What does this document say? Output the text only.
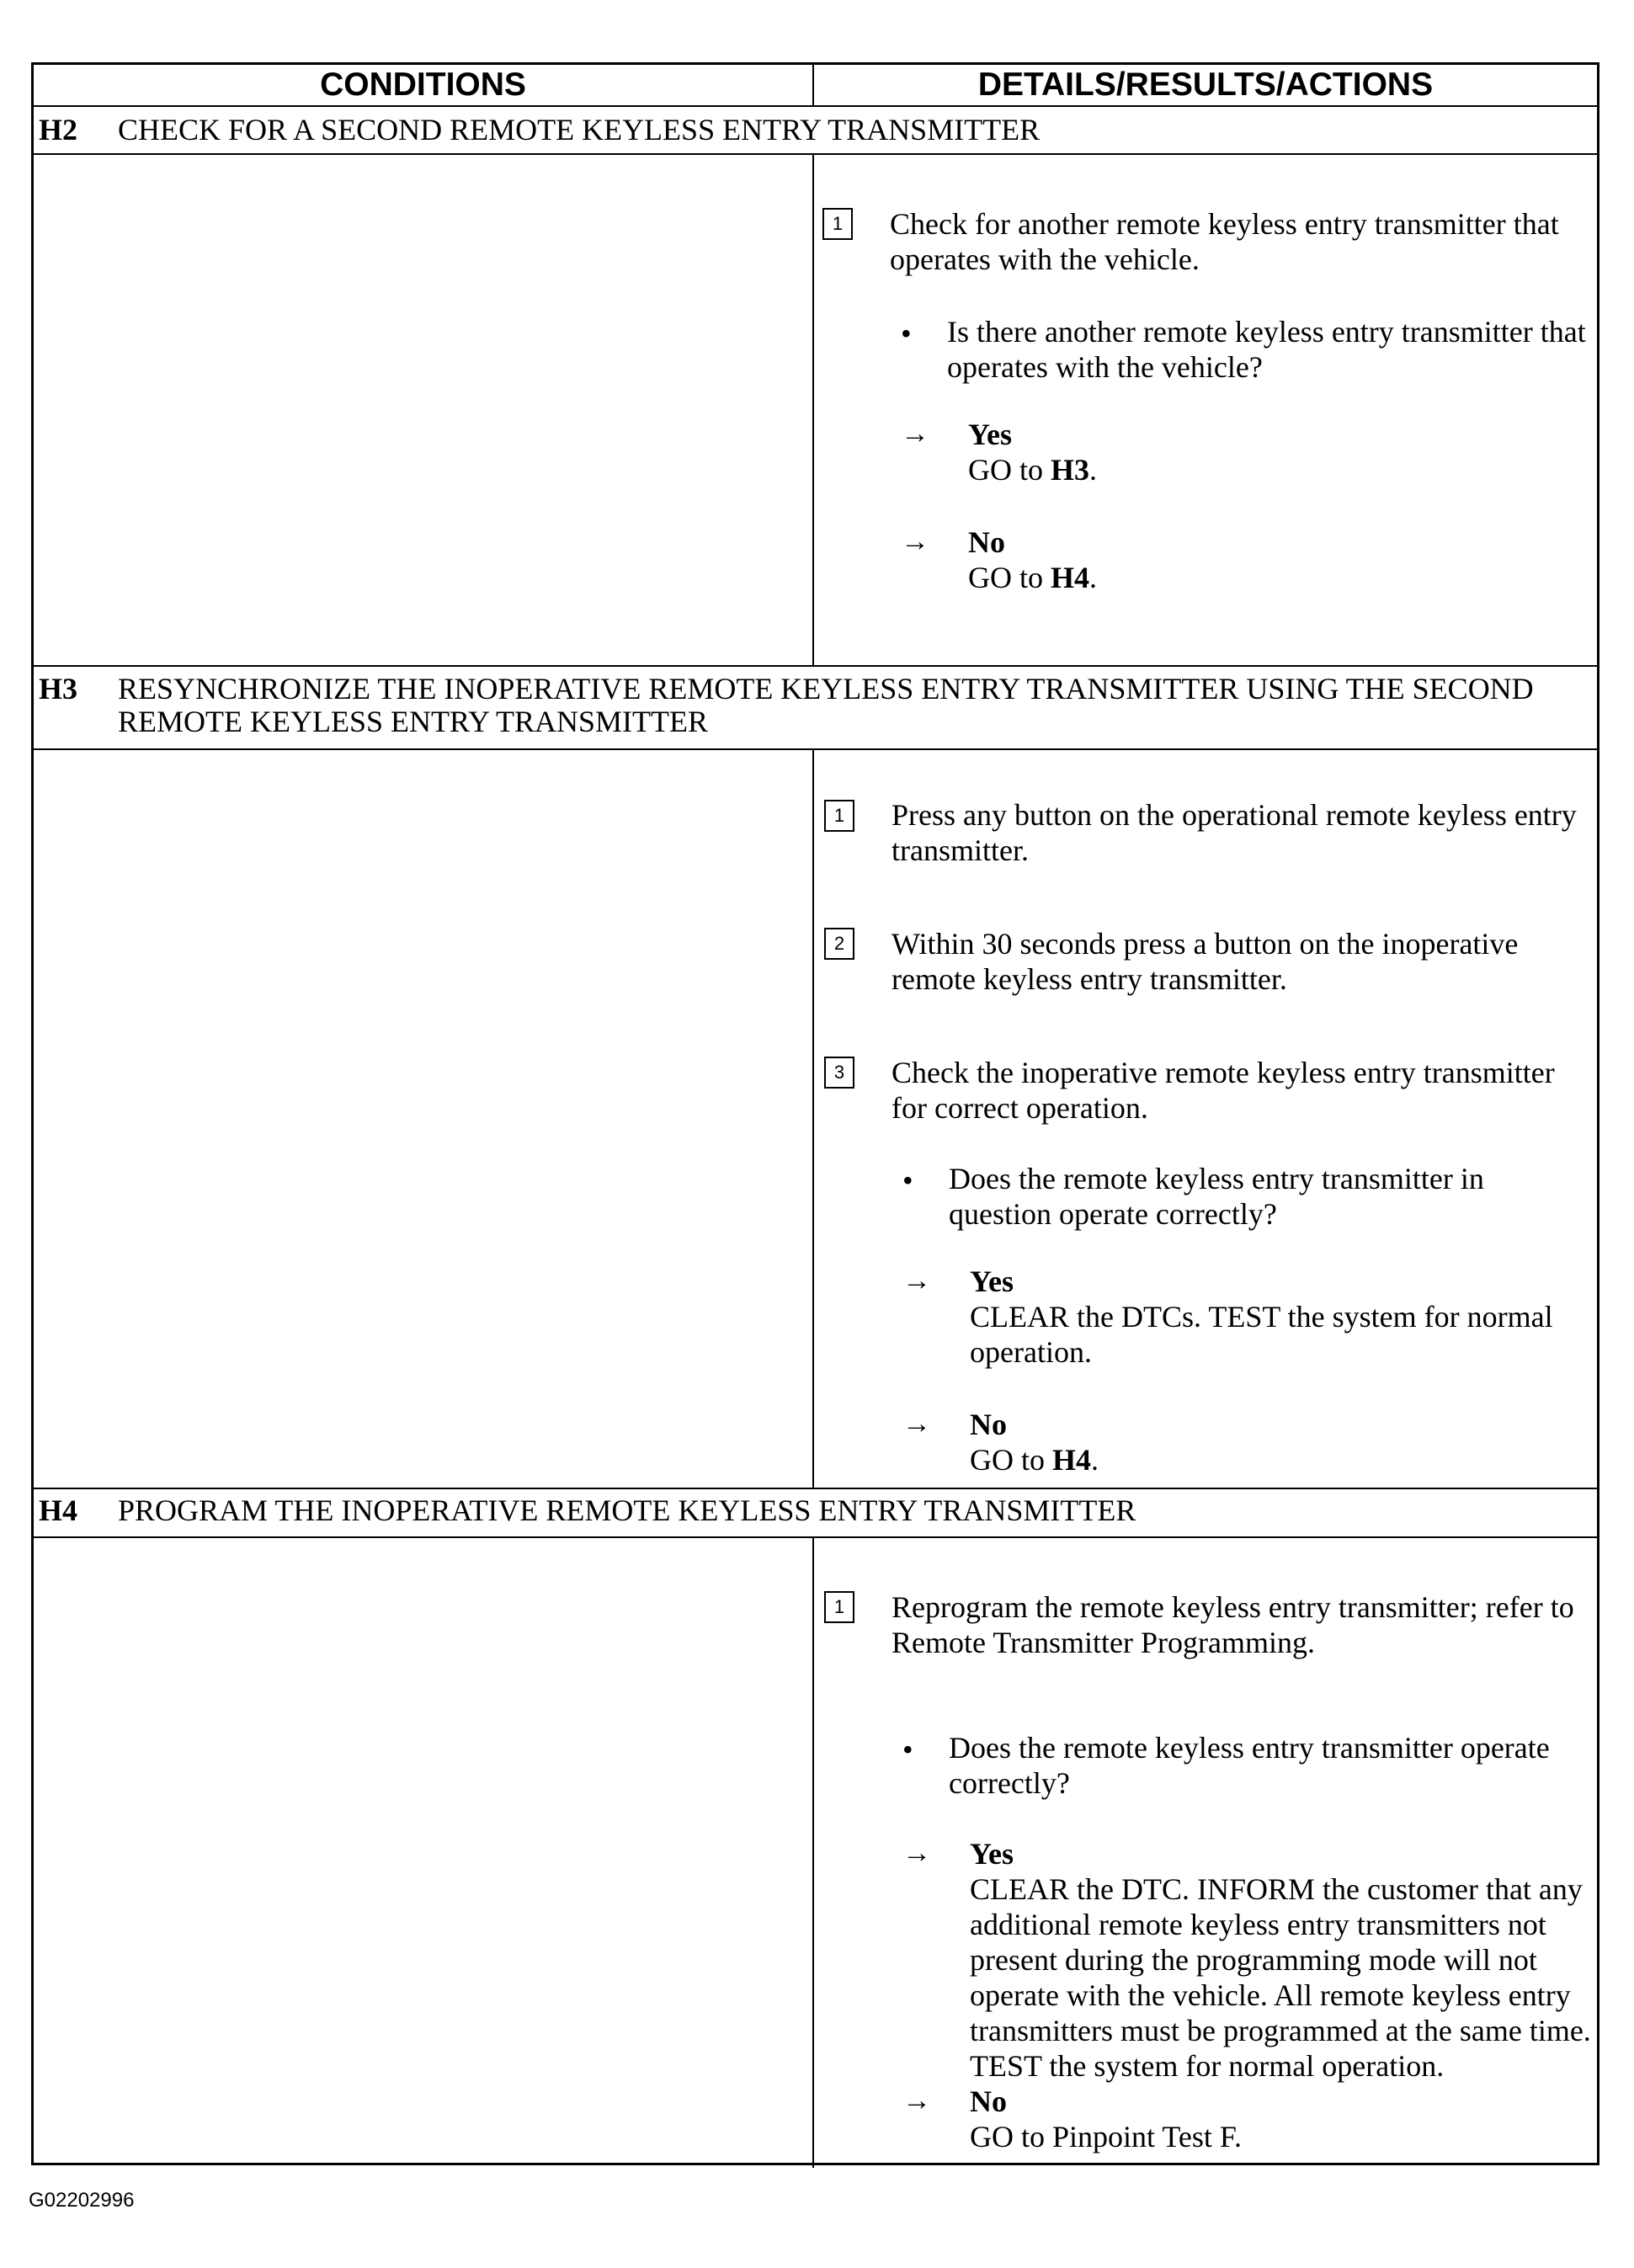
CONDITIONS	DETAILS/RESULTS/ACTIONS
H2 CHECK FOR A SECOND REMOTE KEYLESS ENTRY TRANSMITTER
1	Check for another remote keyless entry transmitter that operates with the vehicle.
• Is there another remote keyless entry transmitter that operates with the vehicle?
→ Yes
GO to H3.
→ No
GO to H4.
H3 RESYNCHRONIZE THE INOPERATIVE REMOTE KEYLESS ENTRY TRANSMITTER USING THE SECOND REMOTE KEYLESS ENTRY TRANSMITTER
1	Press any button on the operational remote keyless entry transmitter.
2	Within 30 seconds press a button on the inoperative remote keyless entry transmitter.
3	Check the inoperative remote keyless entry transmitter for correct operation.
• Does the remote keyless entry transmitter in question operate correctly?
→ Yes
CLEAR the DTCs. TEST the system for normal operation.
→ No
GO to H4.
H4 PROGRAM THE INOPERATIVE REMOTE KEYLESS ENTRY TRANSMITTER
1	Reprogram the remote keyless entry transmitter; refer to Remote Transmitter Programming.
• Does the remote keyless entry transmitter operate correctly?
→ Yes
CLEAR the DTC. INFORM the customer that any additional remote keyless entry transmitters not present during the programming mode will not operate with the vehicle. All remote keyless entry transmitters must be programmed at the same time. TEST the system for normal operation.
→ No
GO to Pinpoint Test F.
G02202996
